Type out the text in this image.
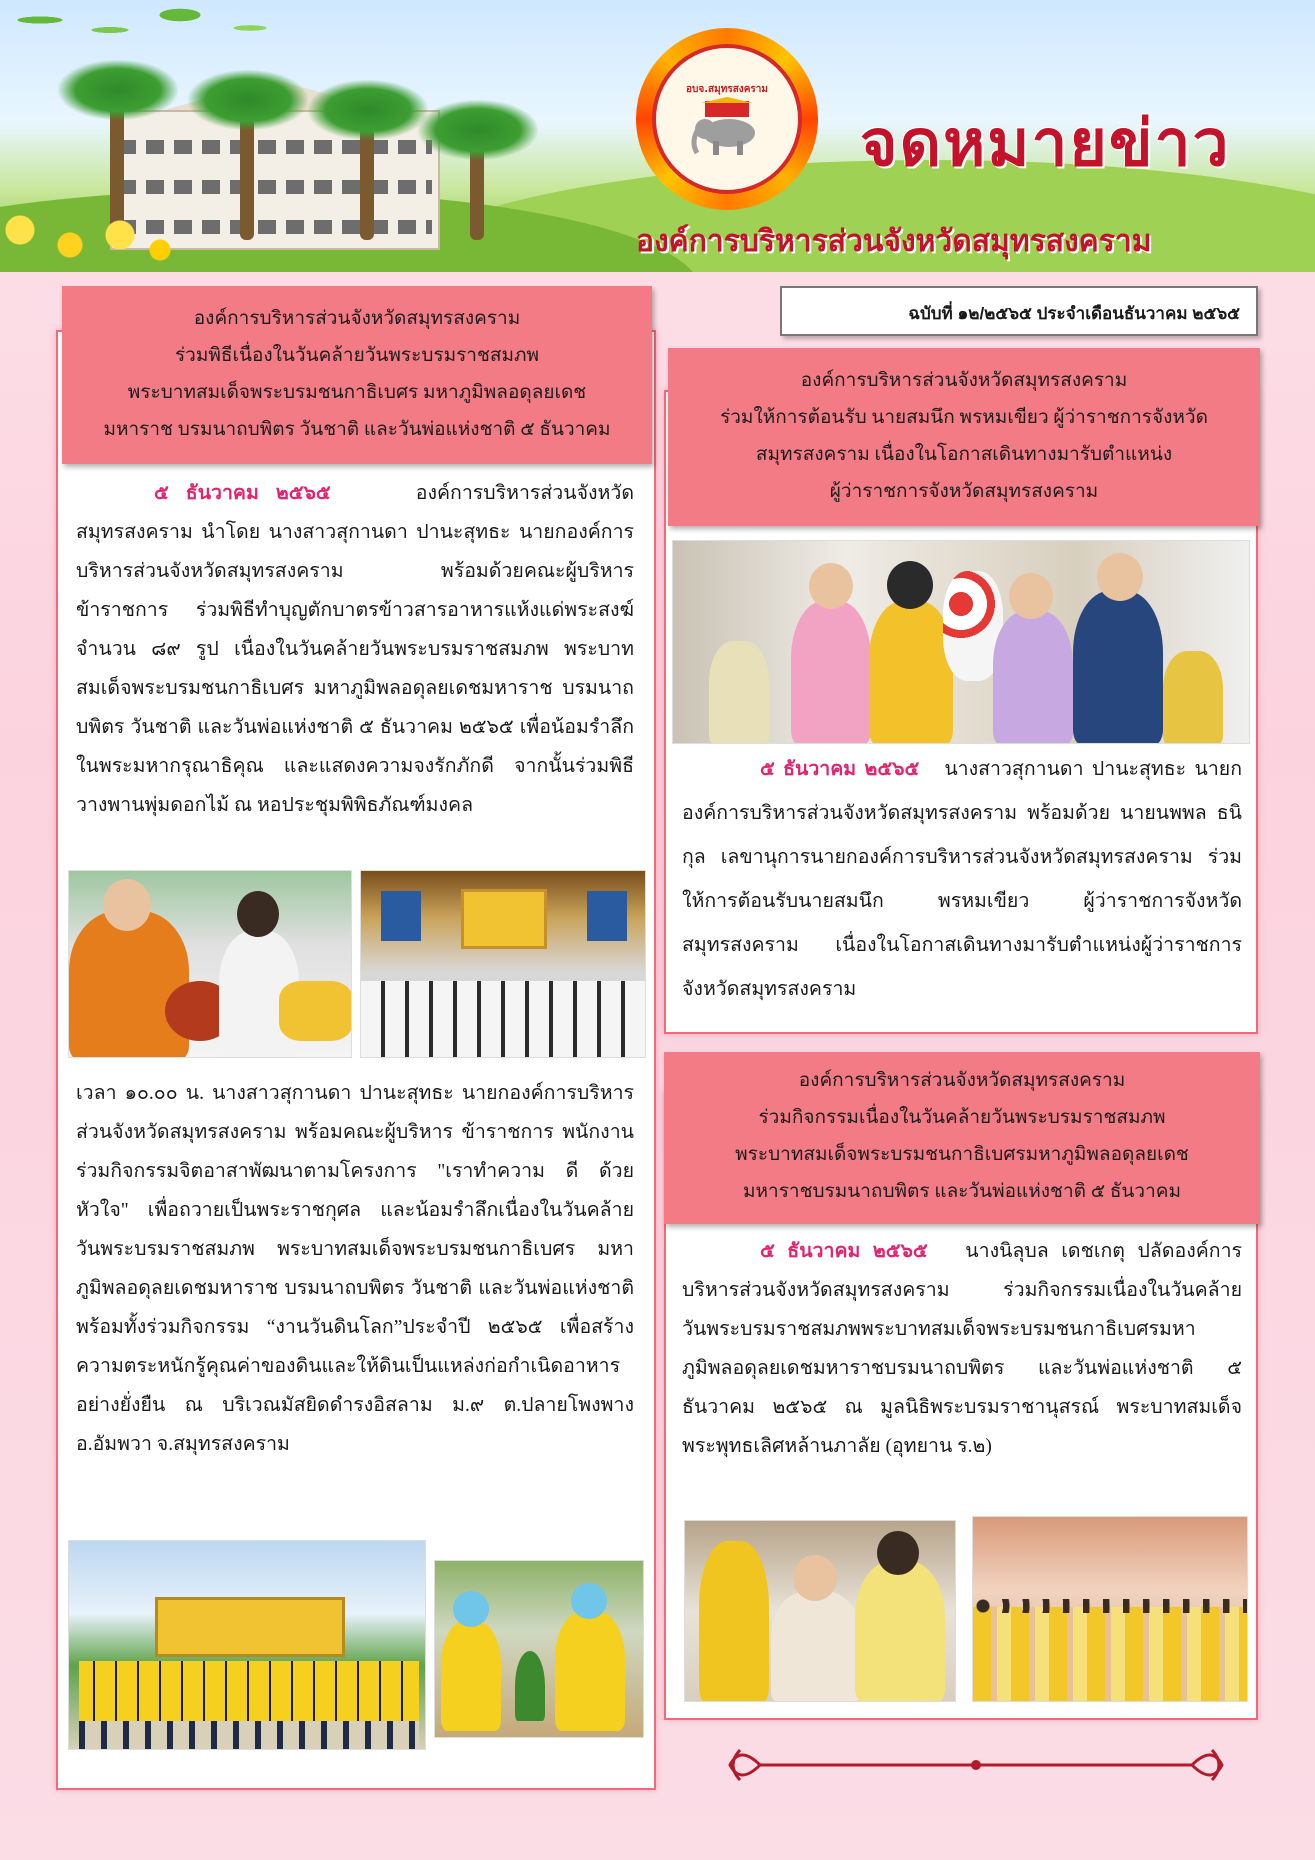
อบจ.สมุทรสงคราม
จดหมายข่าว
องค์การบริหารส่วนจังหวัดสมุทรสงคราม
องค์การบริหารส่วนจังหวัดสมุทรสงคราม
ร่วมพิธีเนื่องในวันคล้ายวันพระบรมราชสมภพ
พระบาทสมเด็จพระบรมชนกาธิเบศร มหาภูมิพลอดุลยเดช
มหาราช บรมนาถบพิตร วันชาติ และวันพ่อแห่งชาติ ๕ ธันวาคม
๕ ธันวาคม ๒๕๖๕	องค์การบริหารส่วนจังหวัดสมุทรสงคราม นำโดย นางสาวสุกานดา ปานะสุทธะ นายกองค์การบริหารส่วนจังหวัดสมุทรสงคราม พร้อมด้วยคณะผู้บริหาร ข้าราชการ ร่วมพิธีทำบุญตักบาตรข้าวสารอาหารแห้งแด่พระสงฆ์ จำนวน ๘๙ รูป เนื่องในวันคล้ายวันพระบรมราชสมภพ พระบาทสมเด็จพระบรมชนกาธิเบศร มหาภูมิพลอดุลยเดชมหาราช บรมนาถบพิตร วันชาติ และวันพ่อแห่งชาติ ๕ ธันวาคม ๒๕๖๕ เพื่อน้อมรำลึกในพระมหากรุณาธิคุณ และแสดงความจงรักภักดี จากนั้นร่วมพิธีวางพานพุ่มดอกไม้ ณ หอประชุมพิพิธภัณฑ์มงคล
เวลา ๑๐.๐๐ น. นางสาวสุกานดา ปานะสุทธะ นายกองค์การบริหารส่วนจังหวัดสมุทรสงคราม พร้อมคณะผู้บริหาร ข้าราชการ พนักงาน ร่วมกิจกรรมจิตอาสาพัฒนาตามโครงการ "เราทำความ ดี ด้วยหัวใจ" เพื่อถวายเป็นพระราชกุศล และน้อมรำลึกเนื่องในวันคล้ายวันพระบรมราชสมภพ พระบาทสมเด็จพระบรมชนกาธิเบศร มหาภูมิพลอดุลยเดชมหาราช บรมนาถบพิตร วันชาติ และวันพ่อแห่งชาติพร้อมทั้งร่วมกิจกรรม “งานวันดินโลก”ประจำปี ๒๕๖๕ เพื่อสร้างความตระหนักรู้คุณค่าของดินและให้ดินเป็นแหล่งก่อกำเนิดอาหารอย่างยั่งยืน ณ บริเวณมัสยิดดำรงอิสลาม ม.๙ ต.ปลายโพงพาง อ.อัมพวา จ.สมุทรสงคราม
ฉบับที่ ๑๒/๒๕๖๕ ประจำเดือนธันวาคม ๒๕๖๕
องค์การบริหารส่วนจังหวัดสมุทรสงคราม
ร่วมให้การต้อนรับ นายสมนึก พรหมเขียว ผู้ว่าราชการจังหวัด
สมุทรสงคราม เนื่องในโอกาสเดินทางมารับตำแหน่ง
ผู้ว่าราชการจังหวัดสมุทรสงคราม
๕ ธันวาคม ๒๕๖๕ นางสาวสุกานดา ปานะสุทธะ นายกองค์การบริหารส่วนจังหวัดสมุทรสงคราม พร้อมด้วย นายนพพล ธนิกุล เลขานุการนายกองค์การบริหารส่วนจังหวัดสมุทรสงคราม ร่วมให้การต้อนรับนายสมนึก พรหมเขียว ผู้ว่าราชการจังหวัดสมุทรสงคราม เนื่องในโอกาสเดินทางมารับตำแหน่งผู้ว่าราชการจังหวัดสมุทรสงคราม
องค์การบริหารส่วนจังหวัดสมุทรสงคราม
ร่วมกิจกรรมเนื่องในวันคล้ายวันพระบรมราชสมภพ
พระบาทสมเด็จพระบรมชนกาธิเบศรมหาภูมิพลอดุลยเดช
มหาราชบรมนาถบพิตร และวันพ่อแห่งชาติ ๕ ธันวาคม
๕ ธันวาคม ๒๕๖๕ นางนิลุบล เดชเกตุ ปลัดองค์การบริหารส่วนจังหวัดสมุทรสงคราม ร่วมกิจกรรมเนื่องในวันคล้ายวันพระบรมราชสมภพพระบาทสมเด็จพระบรมชนกาธิเบศรมหาภูมิพลอดุลยเดชมหาราชบรมนาถบพิตร และวันพ่อแห่งชาติ ๕ ธันวาคม ๒๕๖๕ ณ มูลนิธิพระบรมราชานุสรณ์ พระบาทสมเด็จพระพุทธเลิศหล้านภาลัย (อุทยาน ร.๒)
